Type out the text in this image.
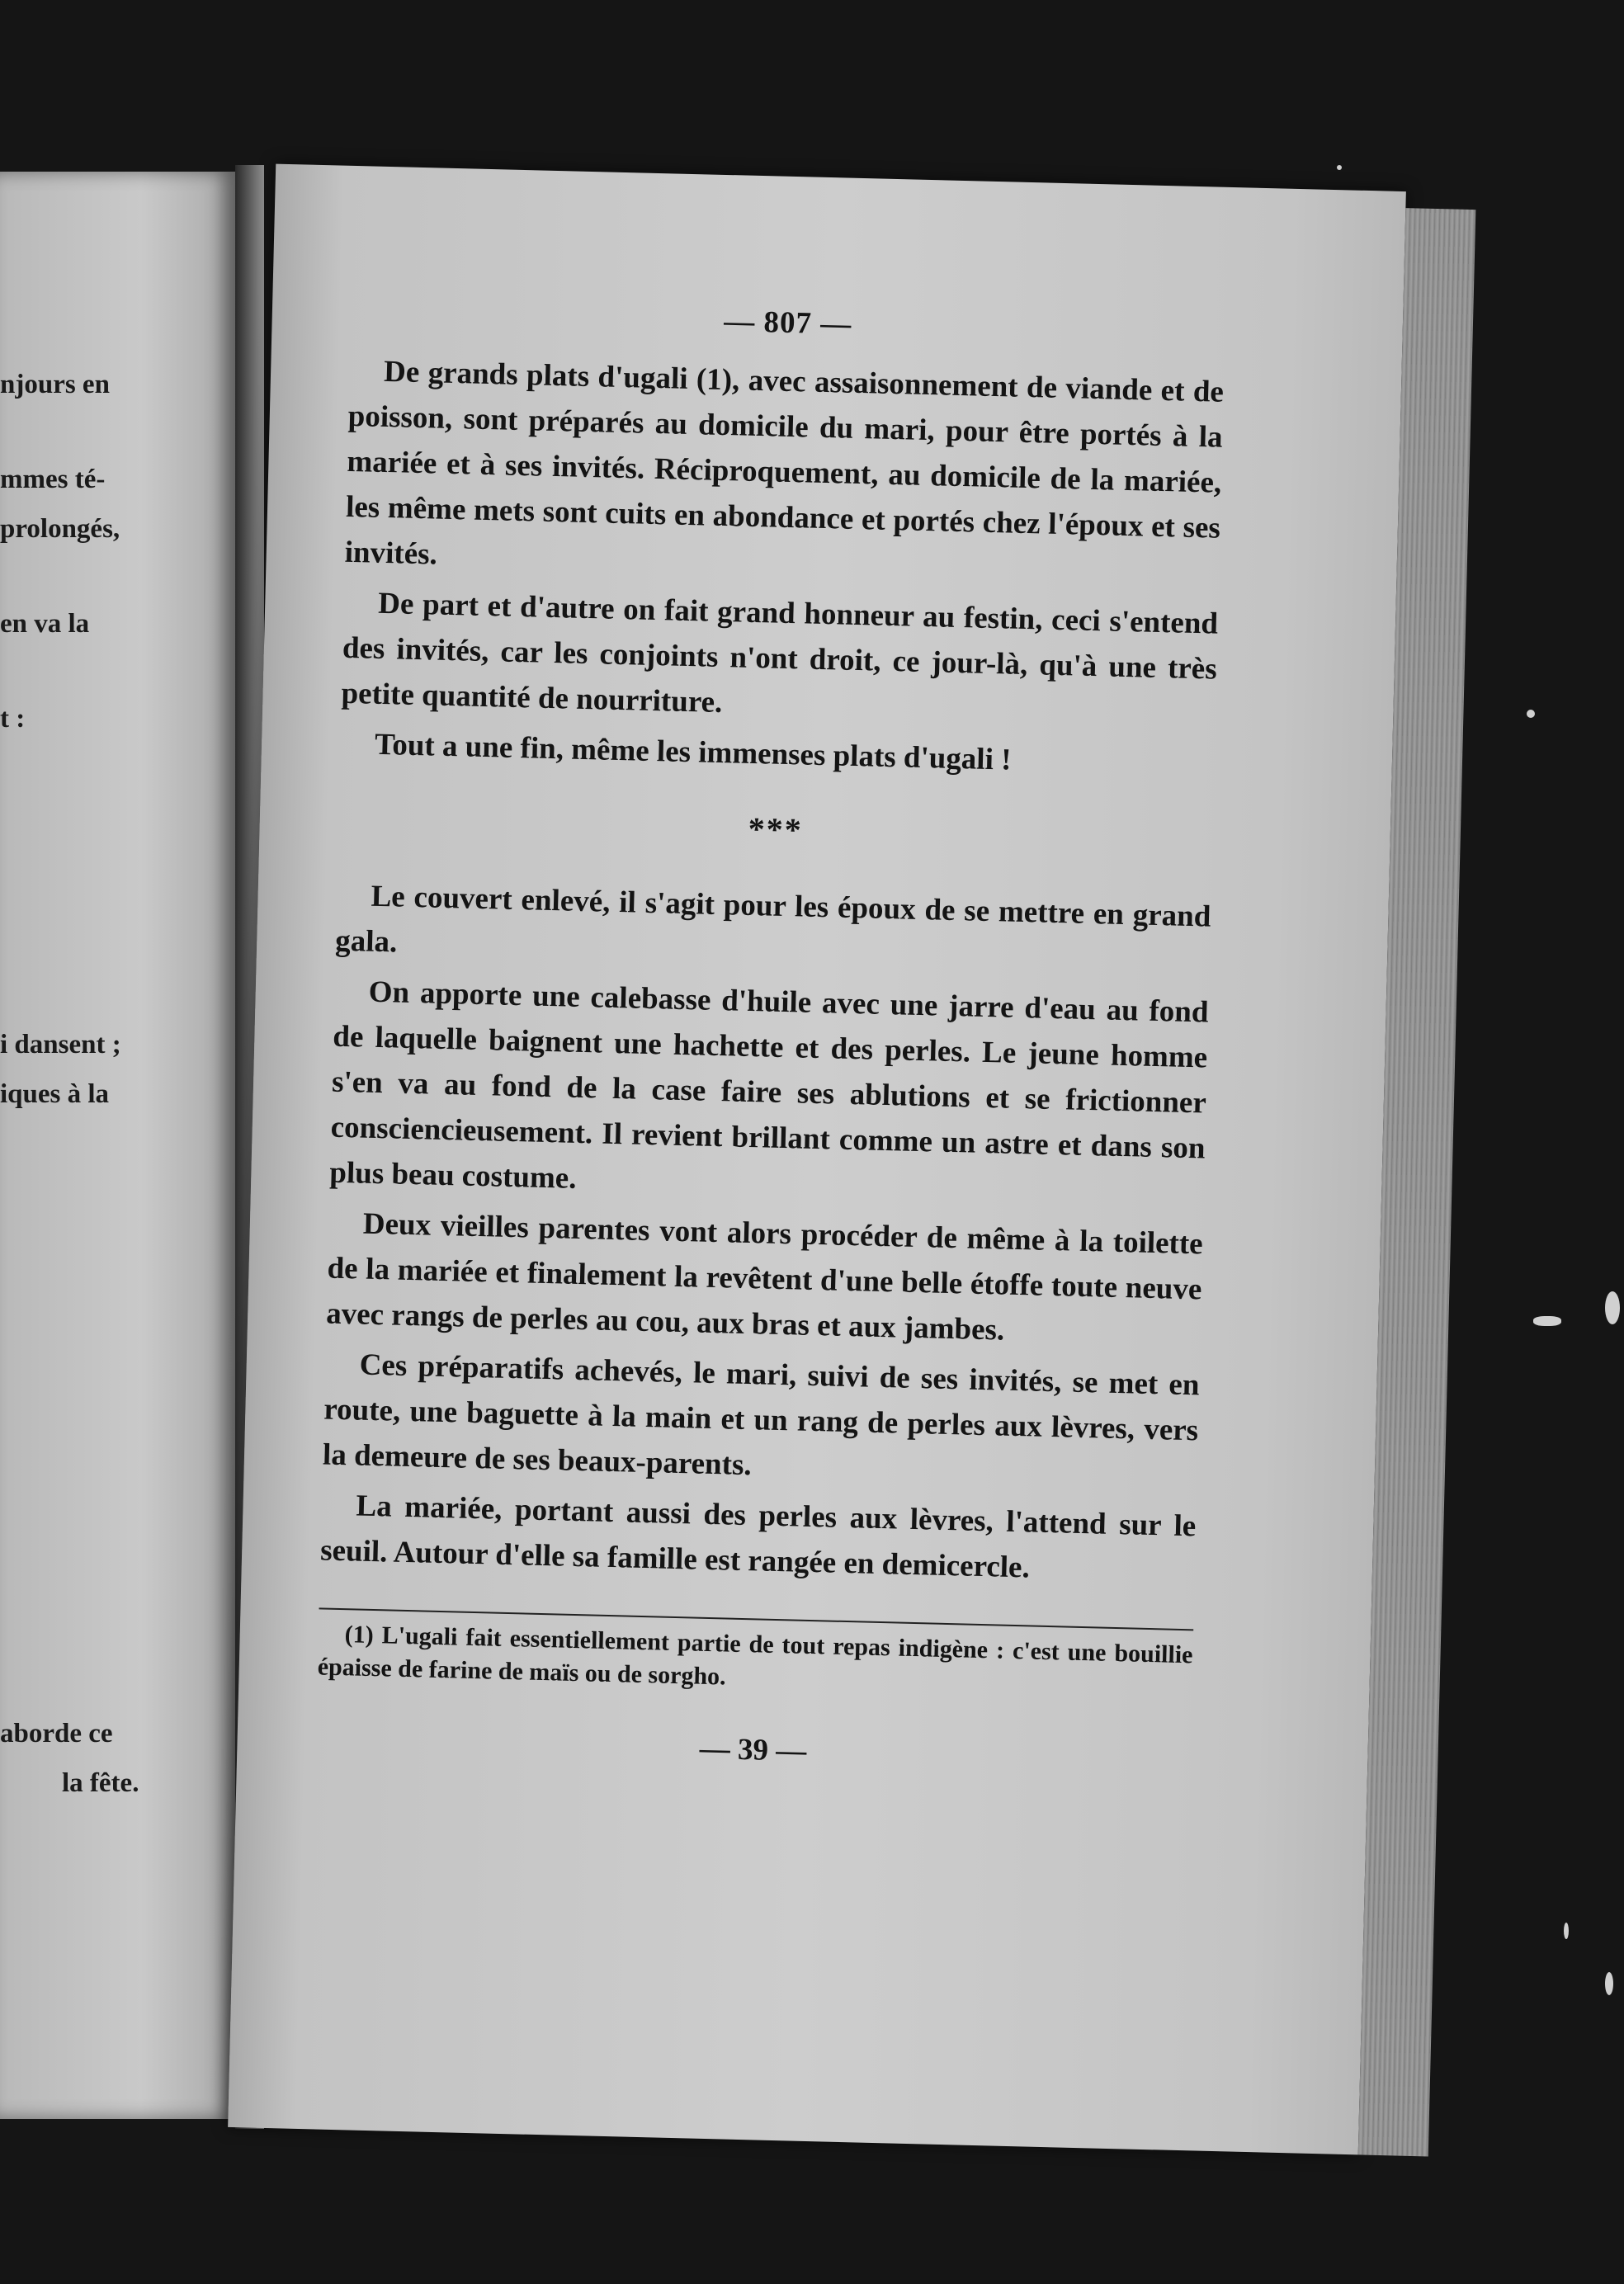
njours en
mmes té-
prolongés,
en va la
t :
i dansent ;
iques à la
aborde ce
la fête.
— 807 —

De grands plats d'ugali (1), avec assaisonnement de viande et de poisson, sont préparés au domicile du mari, pour être portés à la mariée et à ses invités. Réciproquement, au domicile de la mariée, les même mets sont cuits en abondance et portés chez l'époux et ses invités.

De part et d'autre on fait grand honneur au festin, ceci s'entend des invités, car les conjoints n'ont droit, ce jour-là, qu'à une très petite quantité de nourriture.

Tout a une fin, même les immenses plats d'ugali !

***

Le couvert enlevé, il s'agit pour les époux de se mettre en grand gala.

On apporte une calebasse d'huile avec une jarre d'eau au fond de laquelle baignent une hachette et des perles. Le jeune homme s'en va au fond de la case faire ses ablutions et se frictionner consciencieusement. Il revient brillant comme un astre et dans son plus beau costume.

Deux vieilles parentes vont alors procéder de même à la toilette de la mariée et finalement la revêtent d'une belle étoffe toute neuve avec rangs de perles au cou, aux bras et aux jambes.

Ces préparatifs achevés, le mari, suivi de ses invités, se met en route, une baguette à la main et un rang de perles aux lèvres, vers la demeure de ses beaux-parents.

La mariée, portant aussi des perles aux lèvres, l'attend sur le seuil. Autour d'elle sa famille est rangée en demicercle.

(1) L'ugali fait essentiellement partie de tout repas indigène : c'est une bouillie épaisse de farine de maïs ou de sorgho.

— 39 —
